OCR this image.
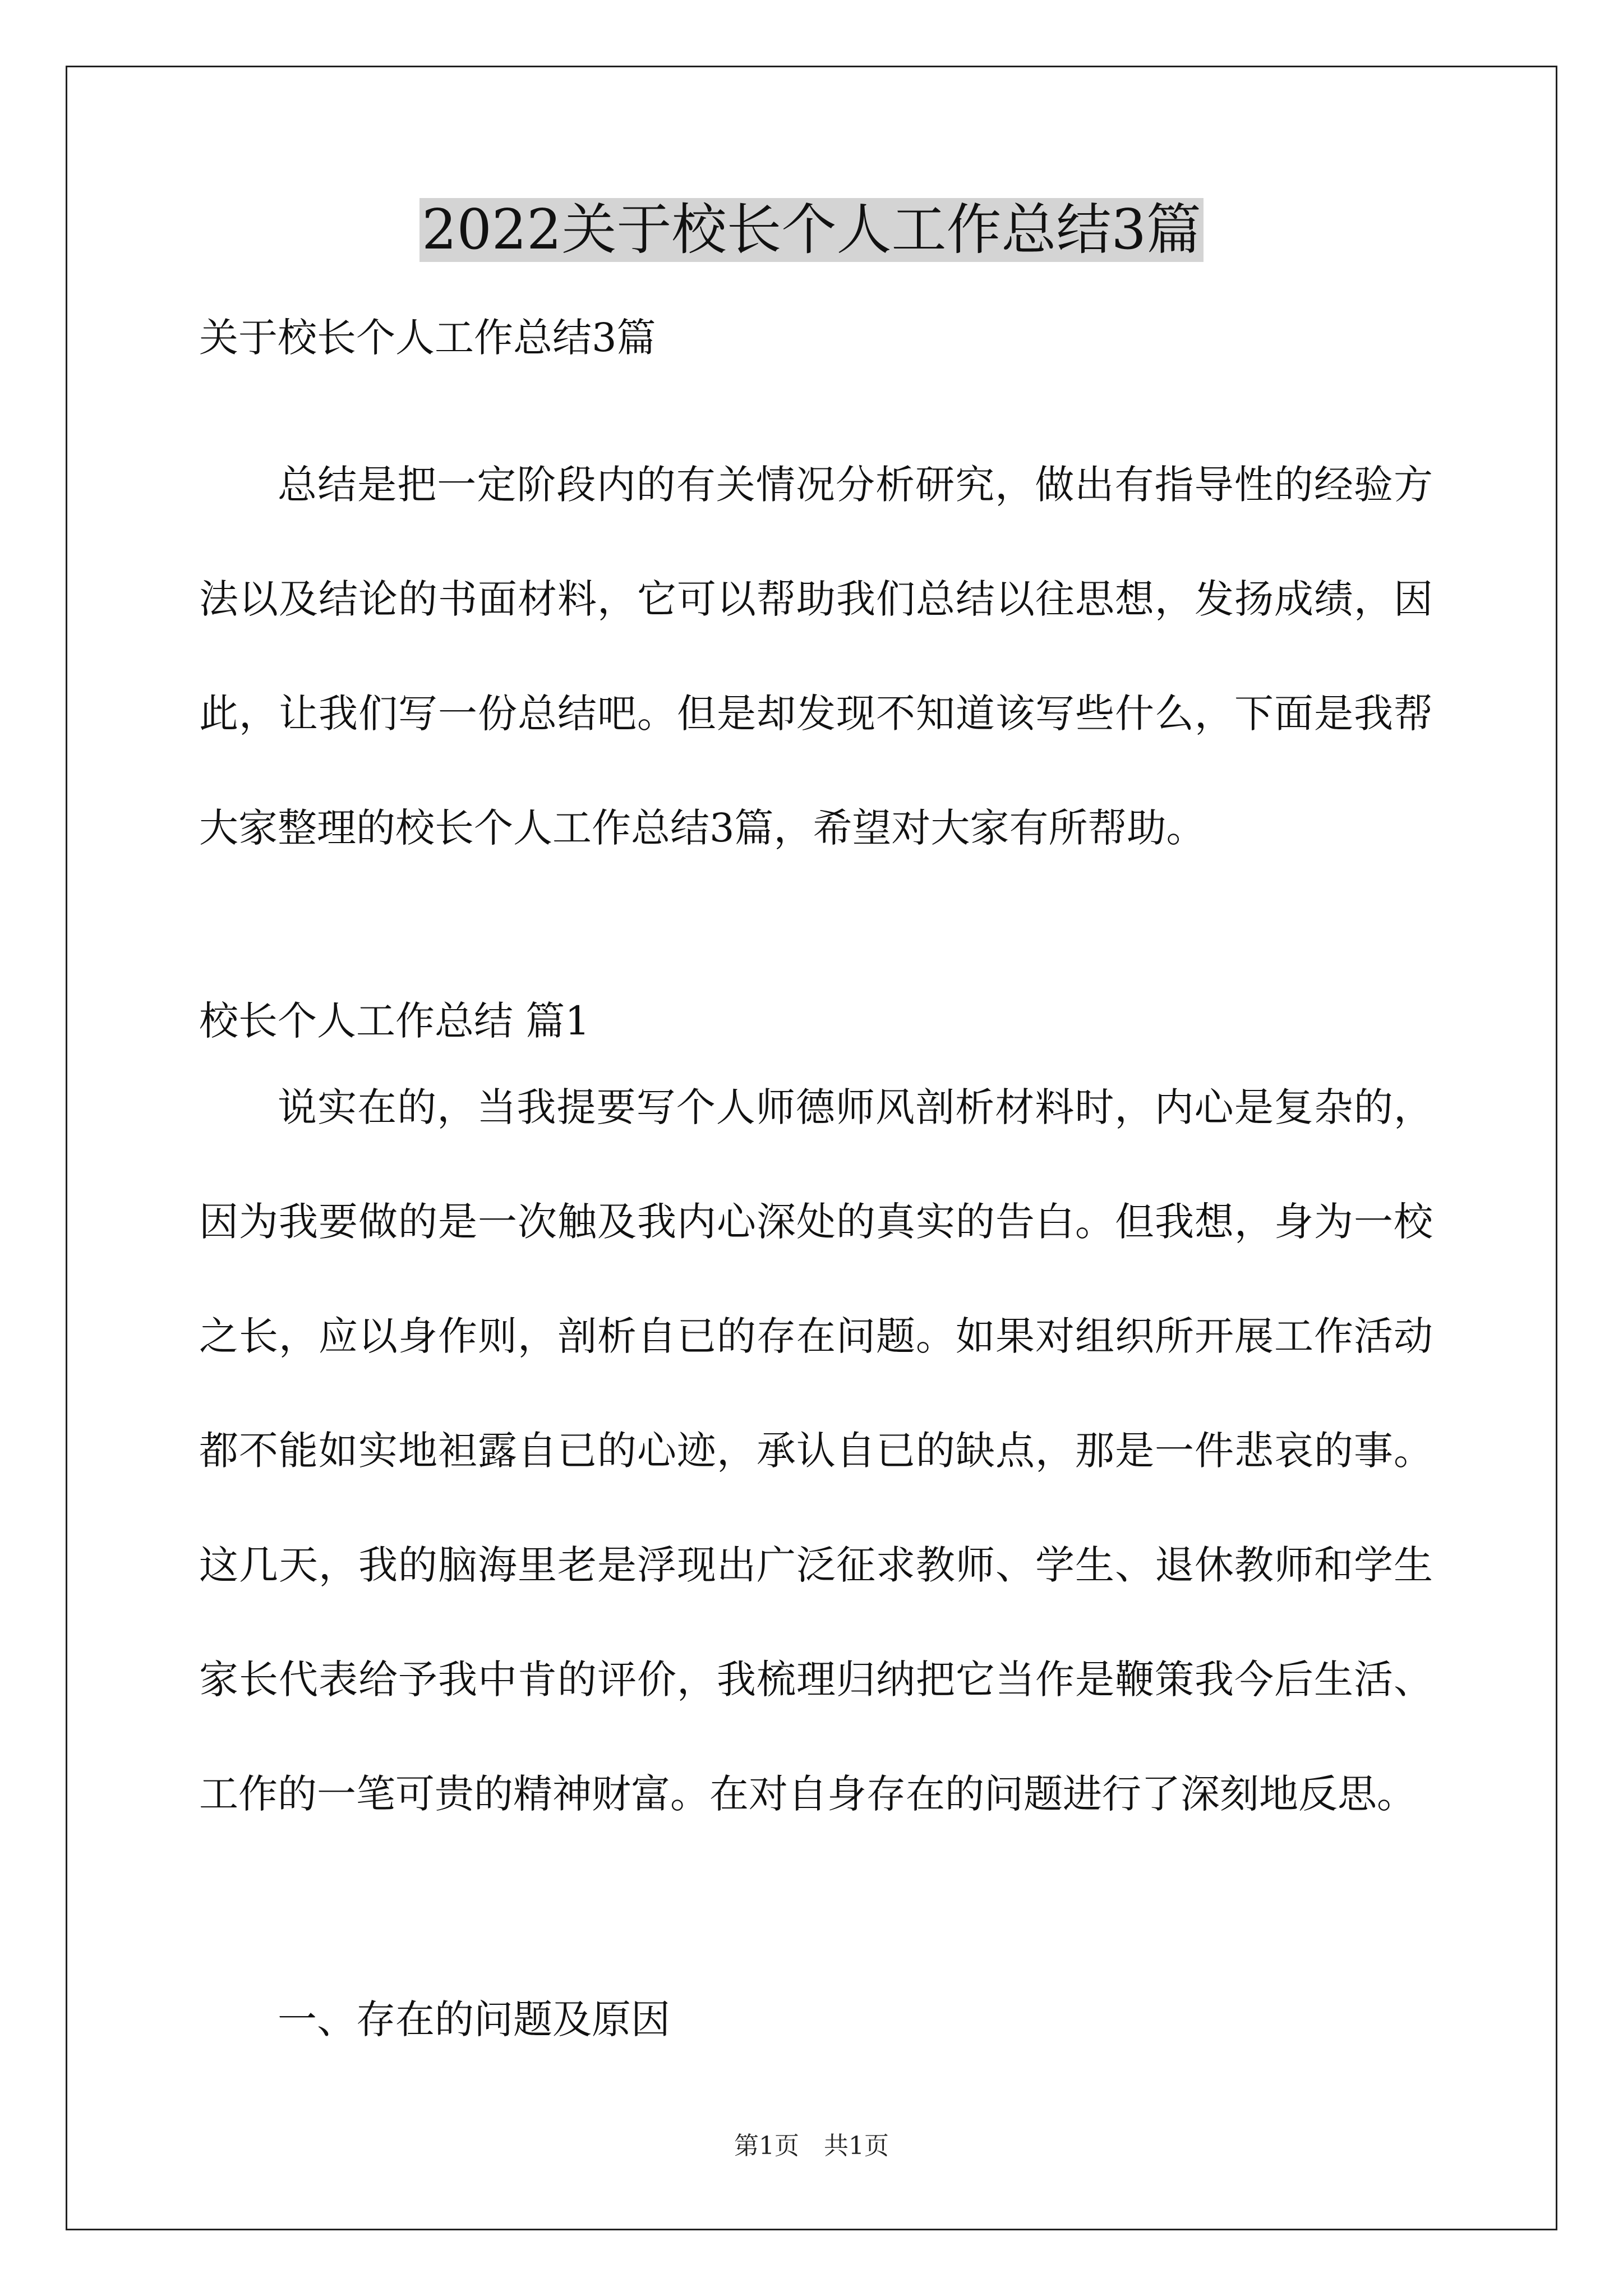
2022关于校长个人工作总结3篇

关于校长个人工作总结3篇

总结是把一定阶段内的有关情况分析研究，做出有指导性的经验方法以及结论的书面材料，它可以帮助我们总结以往思想，发扬成绩，因此，让我们写一份总结吧。但是却发现不知道该写些什么，下面是我帮大家整理的校长个人工作总结3篇，希望对大家有所帮助。

校长个人工作总结 篇1

说实在的，当我提要写个人师德师风剖析材料时，内心是复杂的，因为我要做的是一次触及我内心深处的真实的告白。但我想，身为一校之长，应以身作则，剖析自已的存在问题。如果对组织所开展工作活动都不能如实地袒露自已的心迹，承认自已的缺点，那是一件悲哀的事。这几天，我的脑海里老是浮现出广泛征求教师、学生、退休教师和学生家长代表给予我中肯的评价，我梳理归纳把它当作是鞭策我今后生活、工作的一笔可贵的精神财富。在对自身存在的问题进行了深刻地反思。

一、存在的问题及原因

第1页　共1页
